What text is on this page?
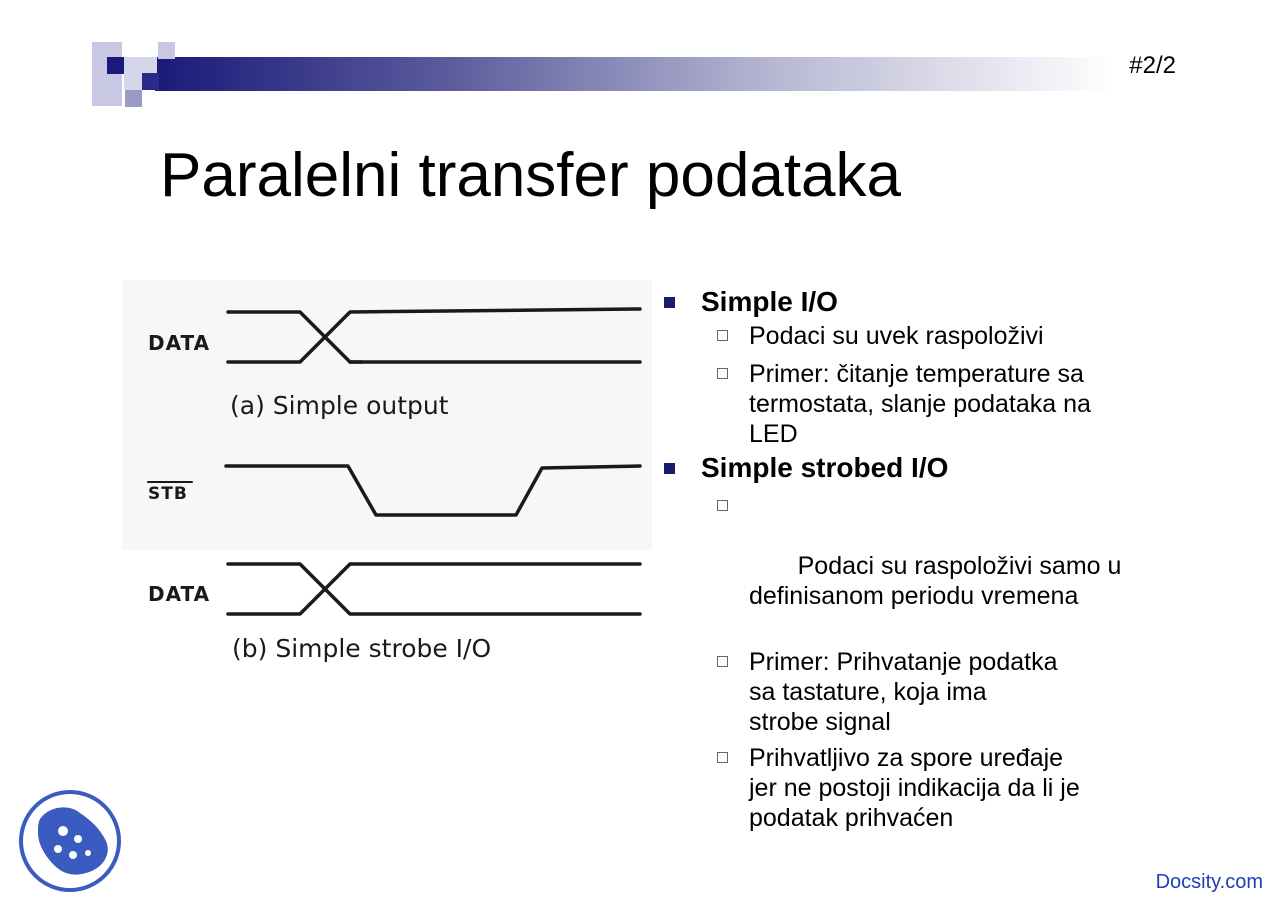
#2/2
Paralelni transfer podataka
DATA
(a) Simple output
STB
DATA
(b) Simple strobe I/O
Simple I/O
Podaci su uvek raspoloživi
Primer: čitanje temperature sa termostata, slanje podataka na LED
Simple strobed I/O

Podaci su raspoloživi samo u definisanom periodu vremena

Primer: Prihvatanje podatka sa tastature, koja ima strobe signal
Prihvatljivo za spore uređaje jer ne postoji indikacija da li je podatak prihvaćen
Docsity.com
